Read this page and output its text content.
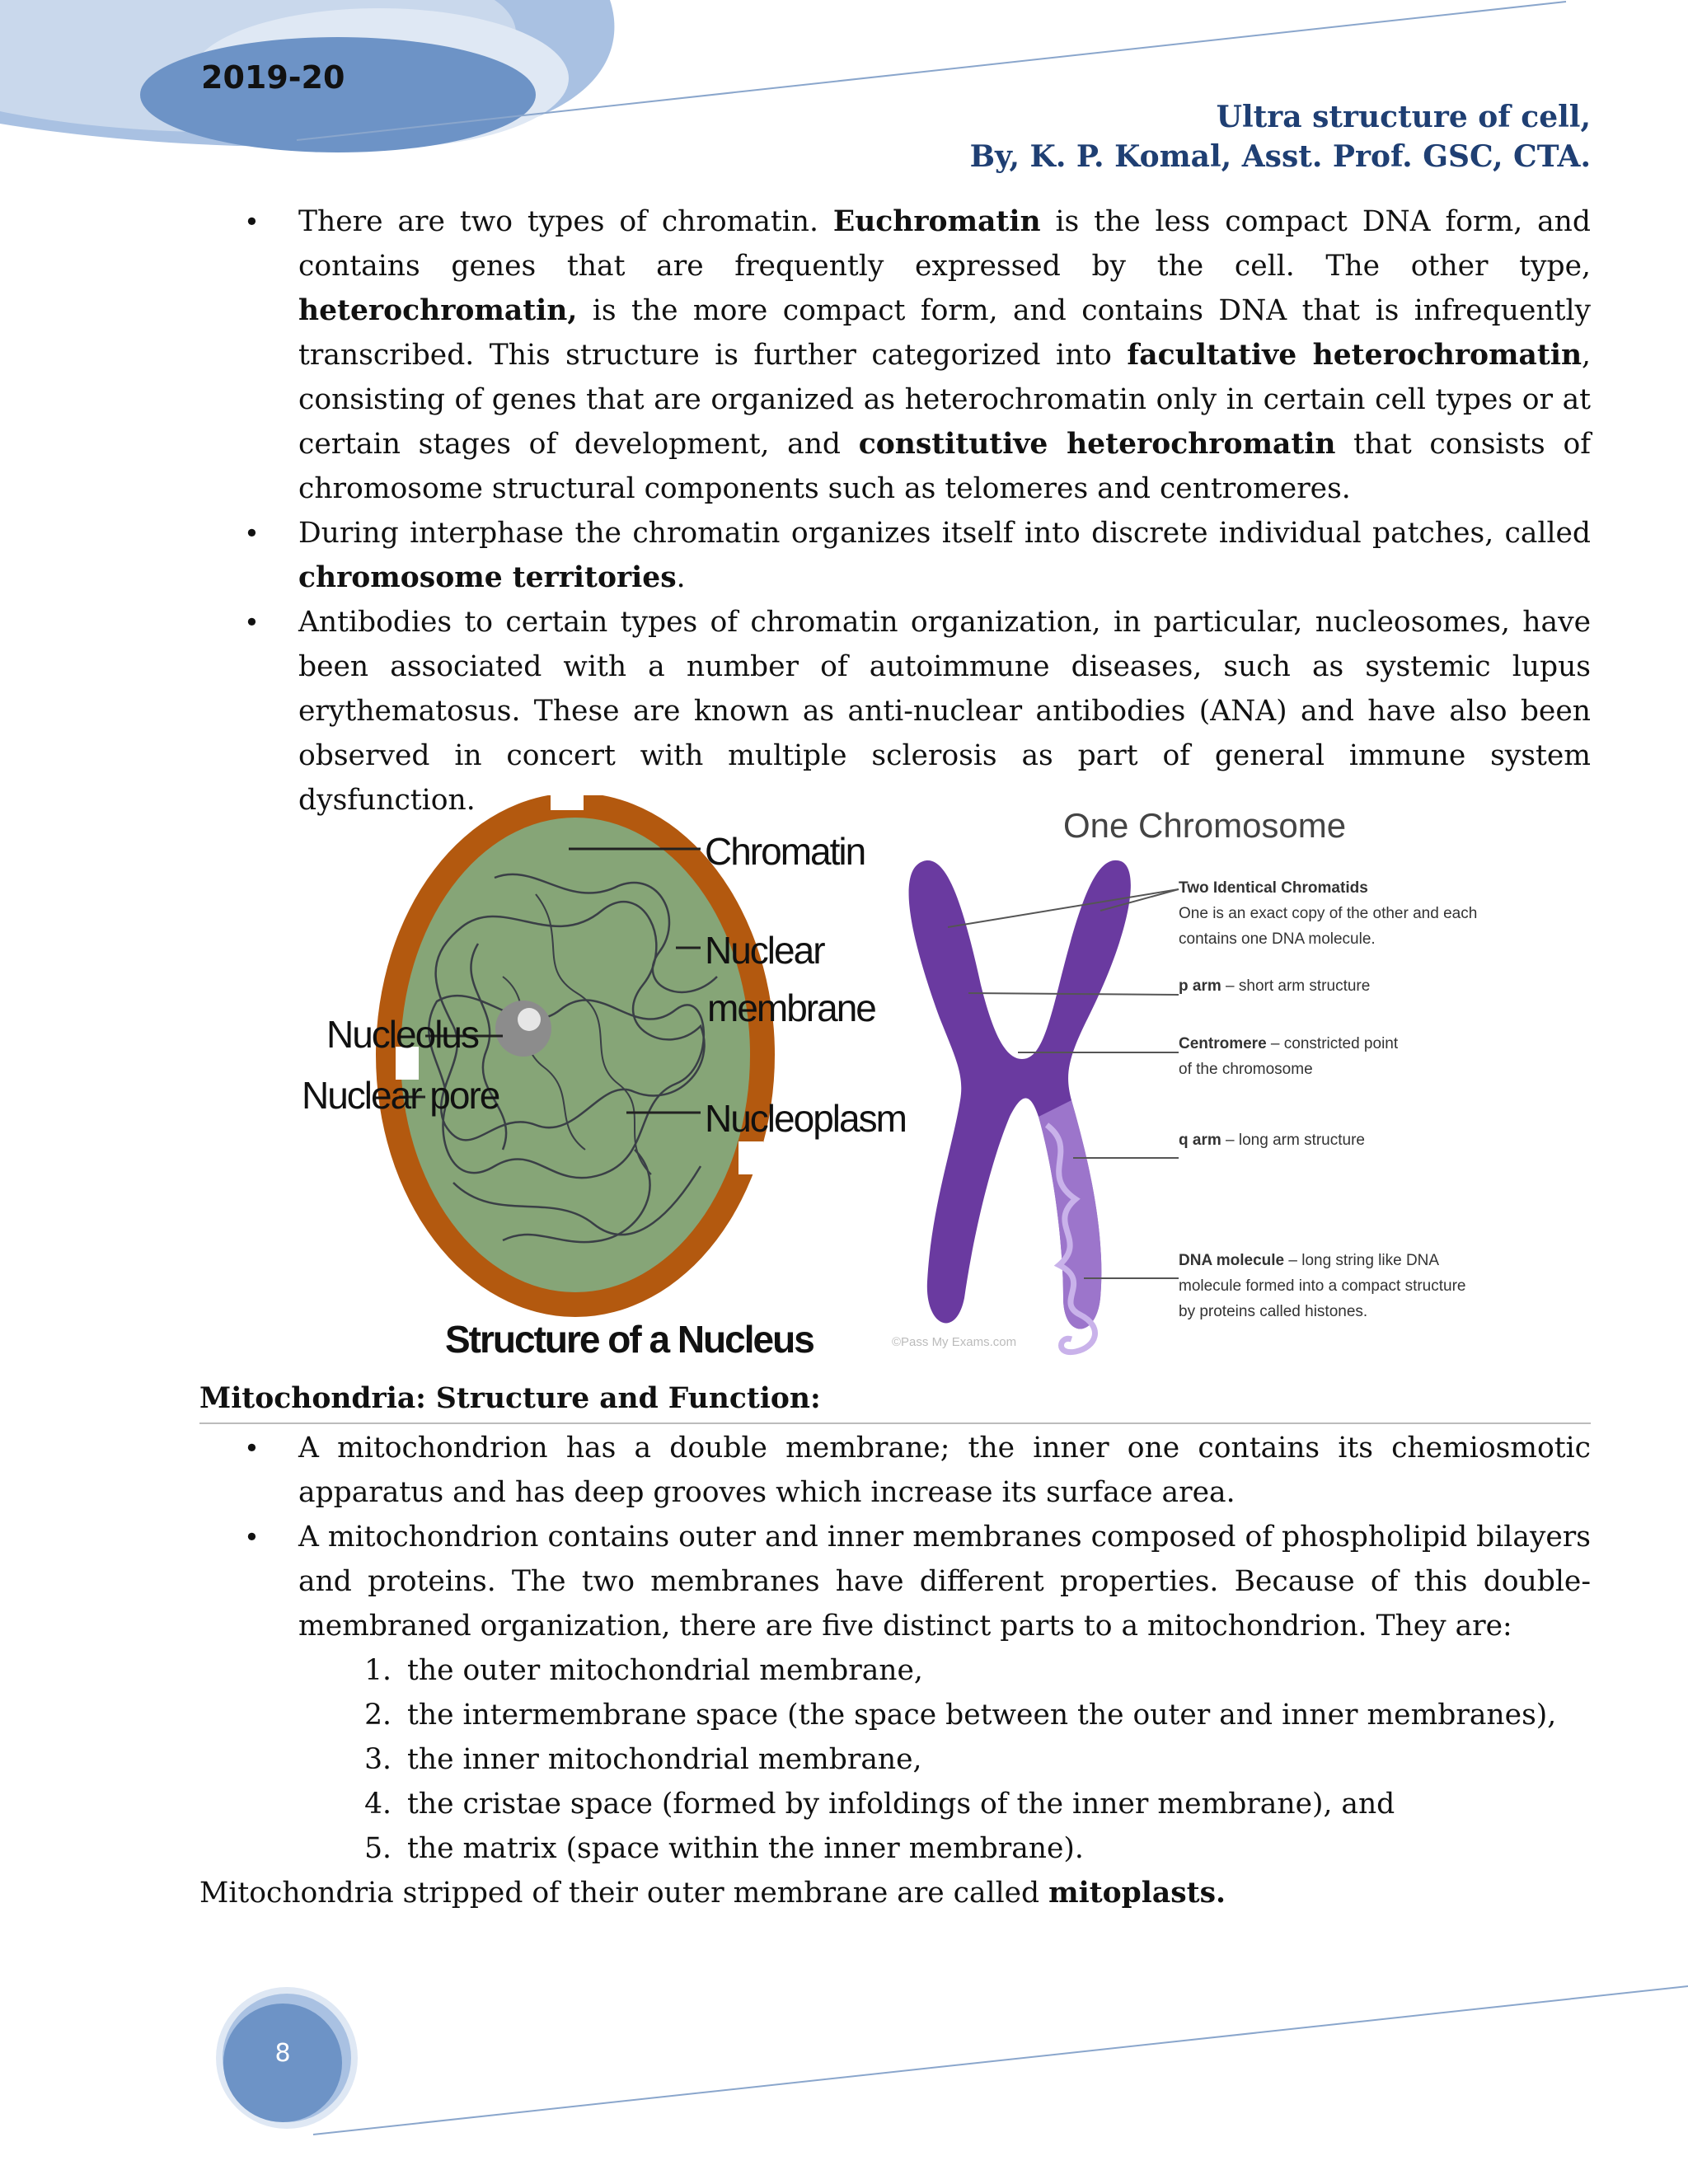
2019-20
Ultra structure of cell,
By, K. P. Komal, Asst. Prof. GSC, CTA.

• There are two types of chromatin. Euchromatin is the less compact DNA form, and contains genes that are frequently expressed by the cell. The other type, heterochromatin, is the more compact form, and contains DNA that is infrequently transcribed. This structure is further categorized into facultative heterochromatin, consisting of genes that are organized as heterochromatin only in certain cell types or at certain stages of development, and constitutive heterochromatin that consists of chromosome structural components such as telomeres and centromeres.

• During interphase the chromatin organizes itself into discrete individual patches, called chromosome territories.

• Antibodies to certain types of chromatin organization, in particular, nucleosomes, have been associated with a number of autoimmune diseases, such as systemic lupus erythematosus. These are known as anti-nuclear antibodies (ANA) and have also been observed in concert with multiple sclerosis as part of general immune system dysfunction.

Chromatin
Nuclear
membrane
Nucleoplasm
Nucleolus
Nuclear pore
Structure of a Nucleus
One Chromosome
Two Identical Chromatids
One is an exact copy of the other and each
contains one DNA molecule.
p arm – short arm structure
Centromere – constricted point
of the chromosome
q arm – long arm structure
DNA molecule – long string like DNA
molecule formed into a compact structure
by proteins called histones.
©Pass My Exams.com

Mitochondria: Structure and Function:

• A mitochondrion has a double membrane; the inner one contains its chemiosmotic apparatus and has deep grooves which increase its surface area.

• A mitochondrion contains outer and inner membranes composed of phospholipid bilayers and proteins. The two membranes have different properties. Because of this double-membraned organization, there are five distinct parts to a mitochondrion. They are:

1. the outer mitochondrial membrane,
2. the intermembrane space (the space between the outer and inner membranes),
3. the inner mitochondrial membrane,
4. the cristae space (formed by infoldings of the inner membrane), and
5. the matrix (space within the inner membrane).

Mitochondria stripped of their outer membrane are called mitoplasts.

8
